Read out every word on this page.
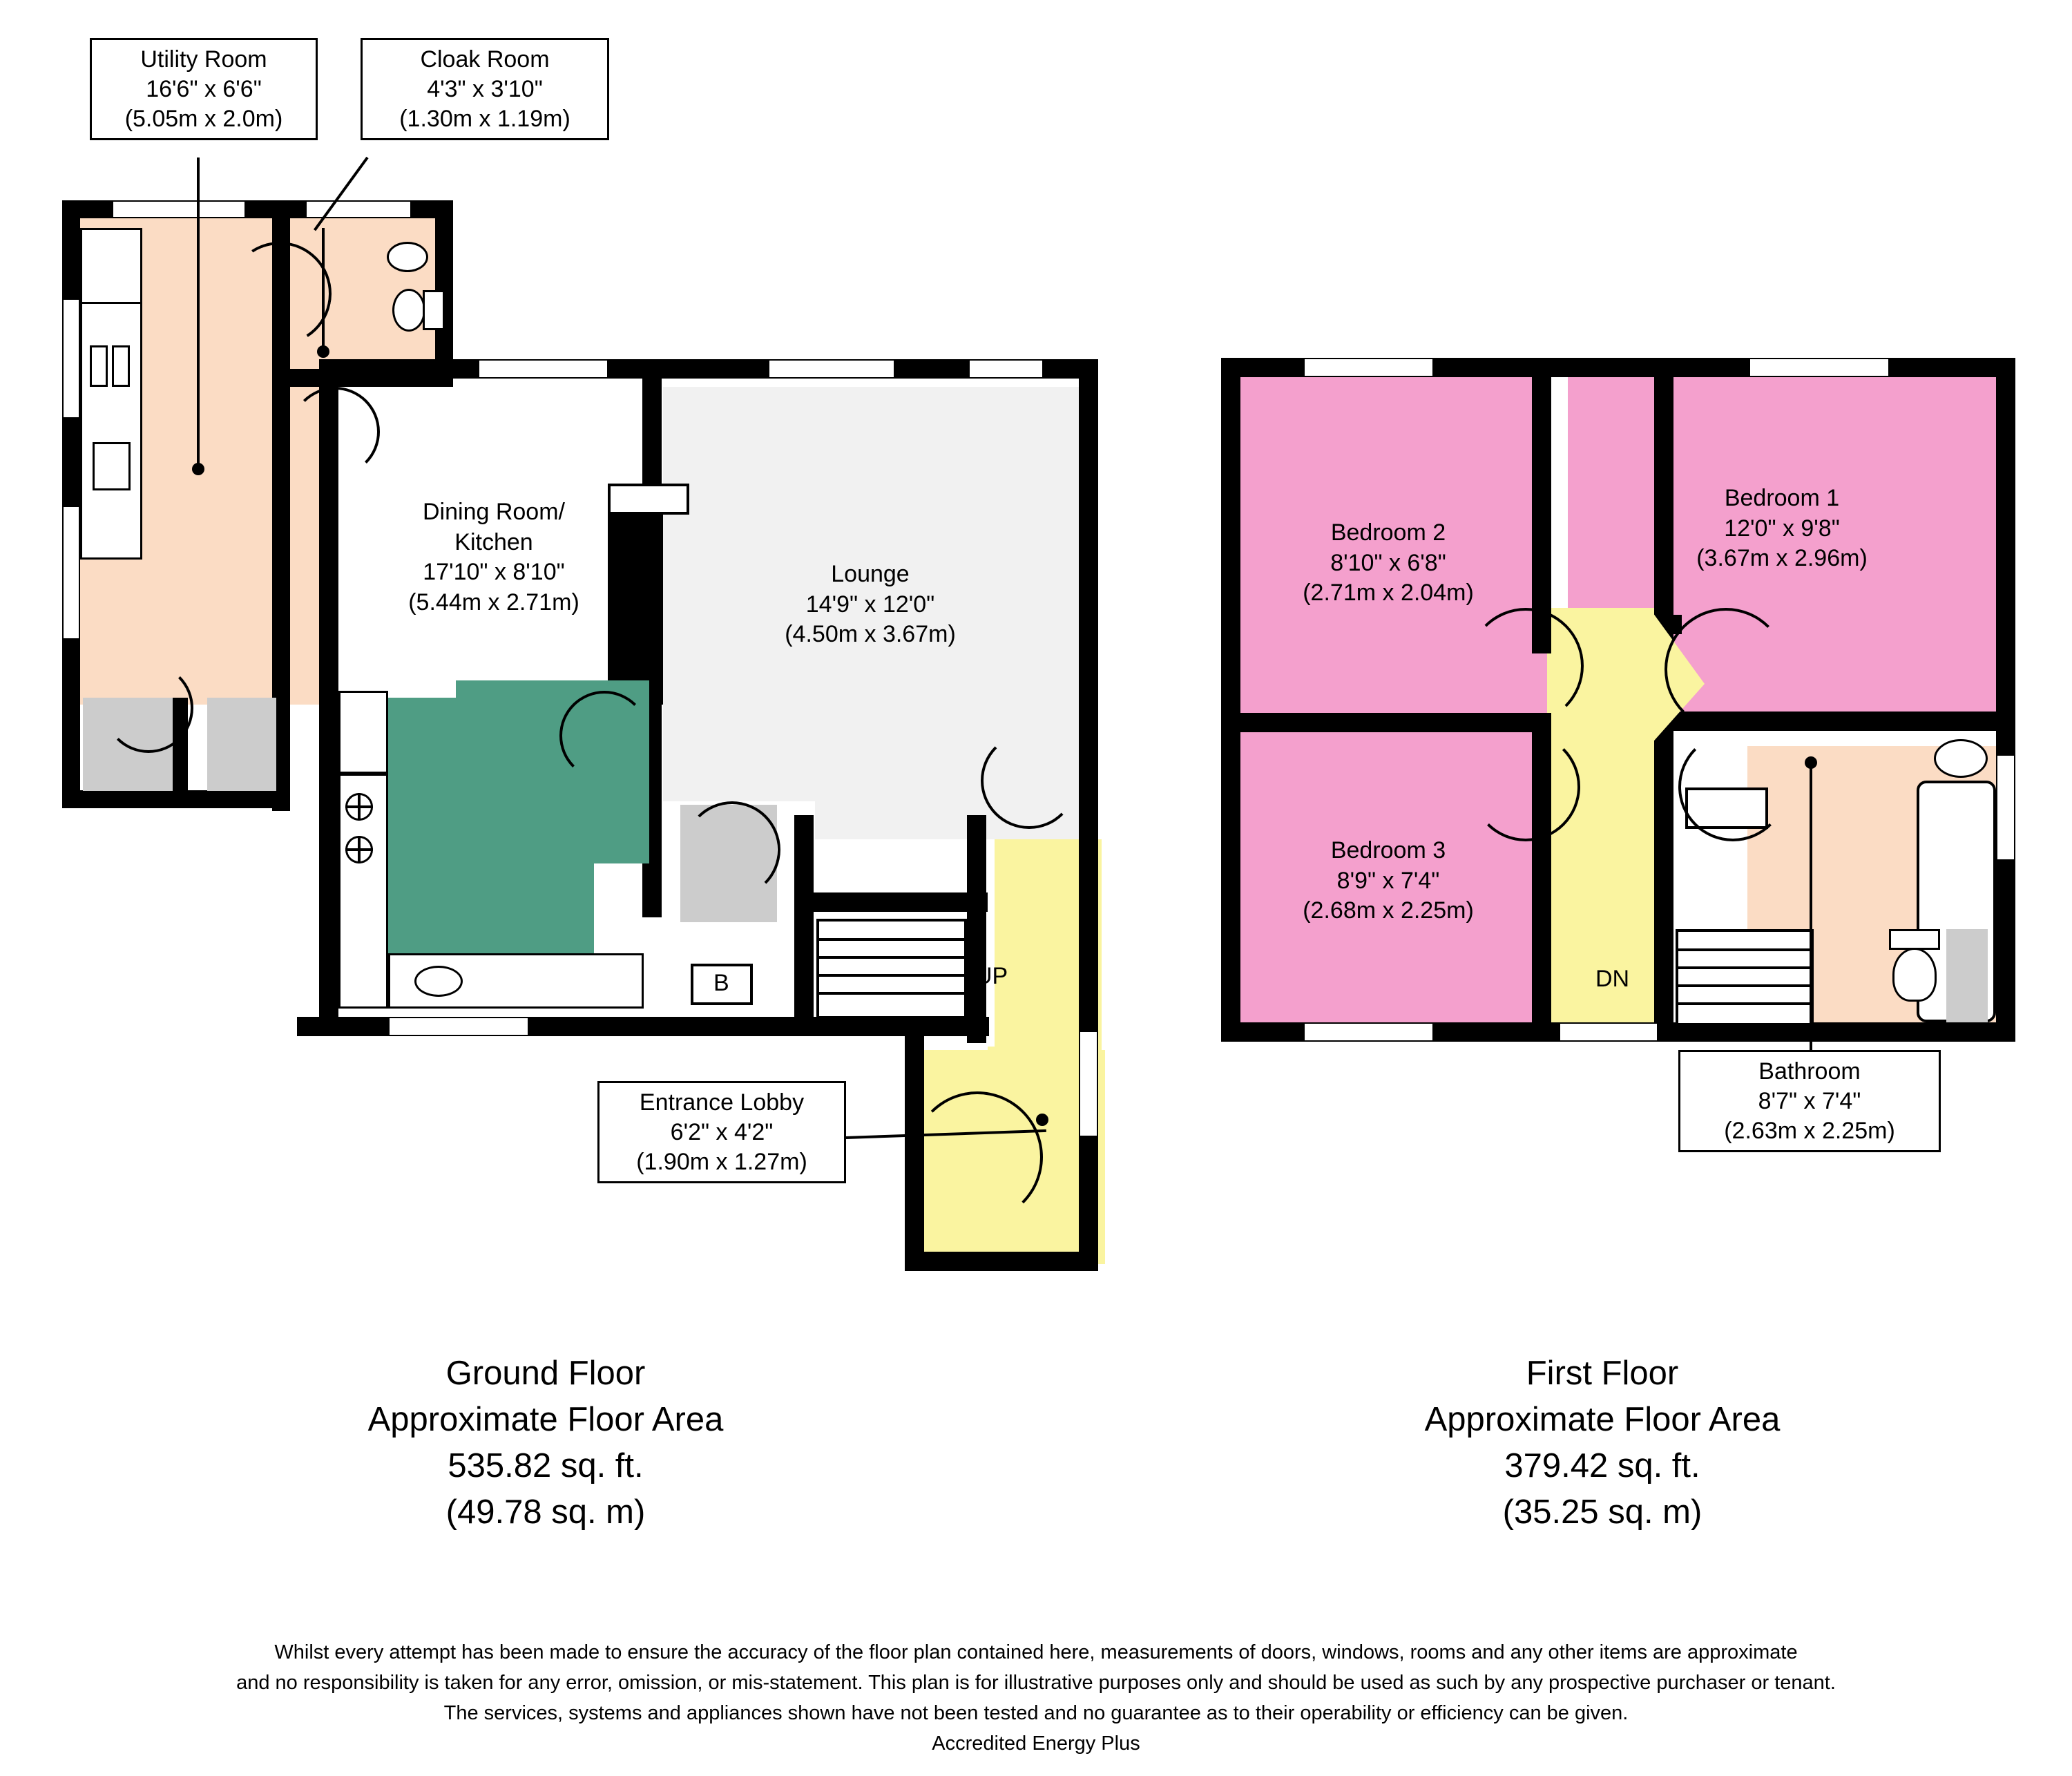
B	UP
Utility Room
16'6" x 6'6"
(5.05m x 2.0m)
Cloak Room
4'3" x 3'10"
(1.30m x 1.19m)
Dining Room/
Kitchen
17'10" x 8'10"
(5.44m x 2.71m)
Lounge
14'9" x 12'0"
(4.50m x 3.67m)
Entrance Lobby
6'2" x 4'2"
(1.90m x 1.27m)
DN
Bedroom 2
8'10" x 6'8"
(2.71m x 2.04m)
Bedroom 1
12'0" x 9'8"
(3.67m x 2.96m)
Bedroom 3
8'9" x 7'4"
(2.68m x 2.25m)
Bathroom
8'7" x 7'4"
(2.63m x 2.25m)
Ground Floor
Approximate Floor Area
535.82 sq. ft.
(49.78 sq. m)
First Floor
Approximate Floor Area
379.42 sq. ft.
(35.25 sq. m)
Whilst every attempt has been made to ensure the accuracy of the floor plan contained here, measurements of doors, windows, rooms and any other items are approximate
and no responsibility is taken for any error, omission, or mis-statement. This plan is for illustrative purposes only and should be used as such by any prospective purchaser or tenant.
The services, systems and appliances shown have not been tested and no guarantee as to their operability or efficiency can be given.
Accredited Energy Plus
